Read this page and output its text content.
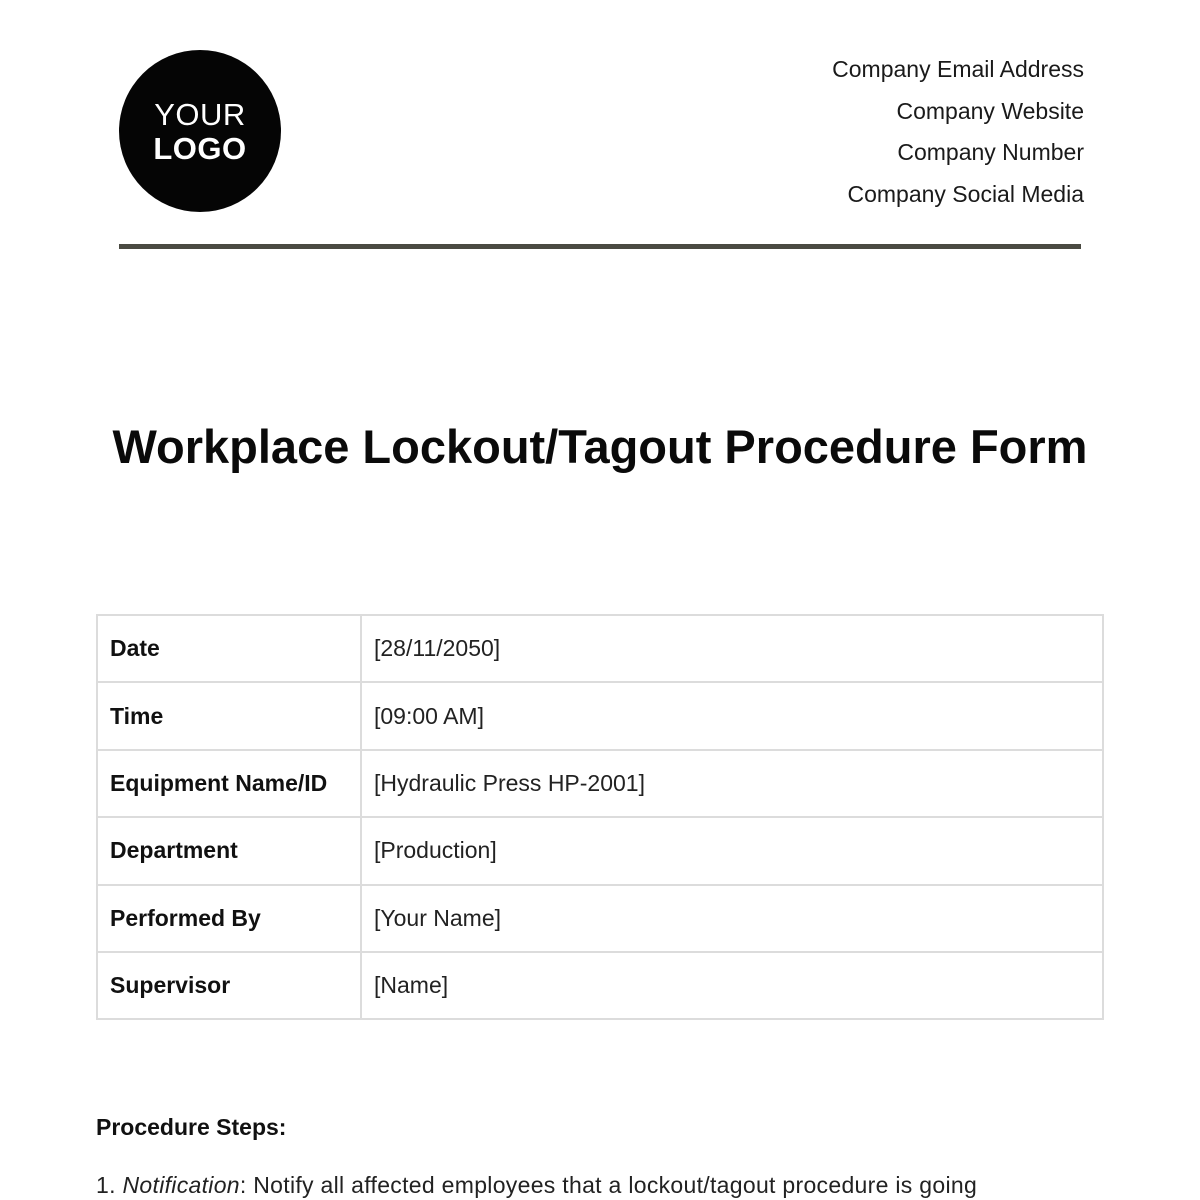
YOUR
LOGO
Company Email Address
Company Website
Company Number
Company Social Media
Workplace Lockout/Tagout Procedure Form
Date	[28/11/2050]
Time	[09:00 AM]
Equipment Name/ID	[Hydraulic Press HP-2001]
Department	[Production]
Performed By	[Your Name]
Supervisor	[Name]
Procedure Steps:
1. Notification: Notify all affected employees that a lockout/tagout procedure is going
